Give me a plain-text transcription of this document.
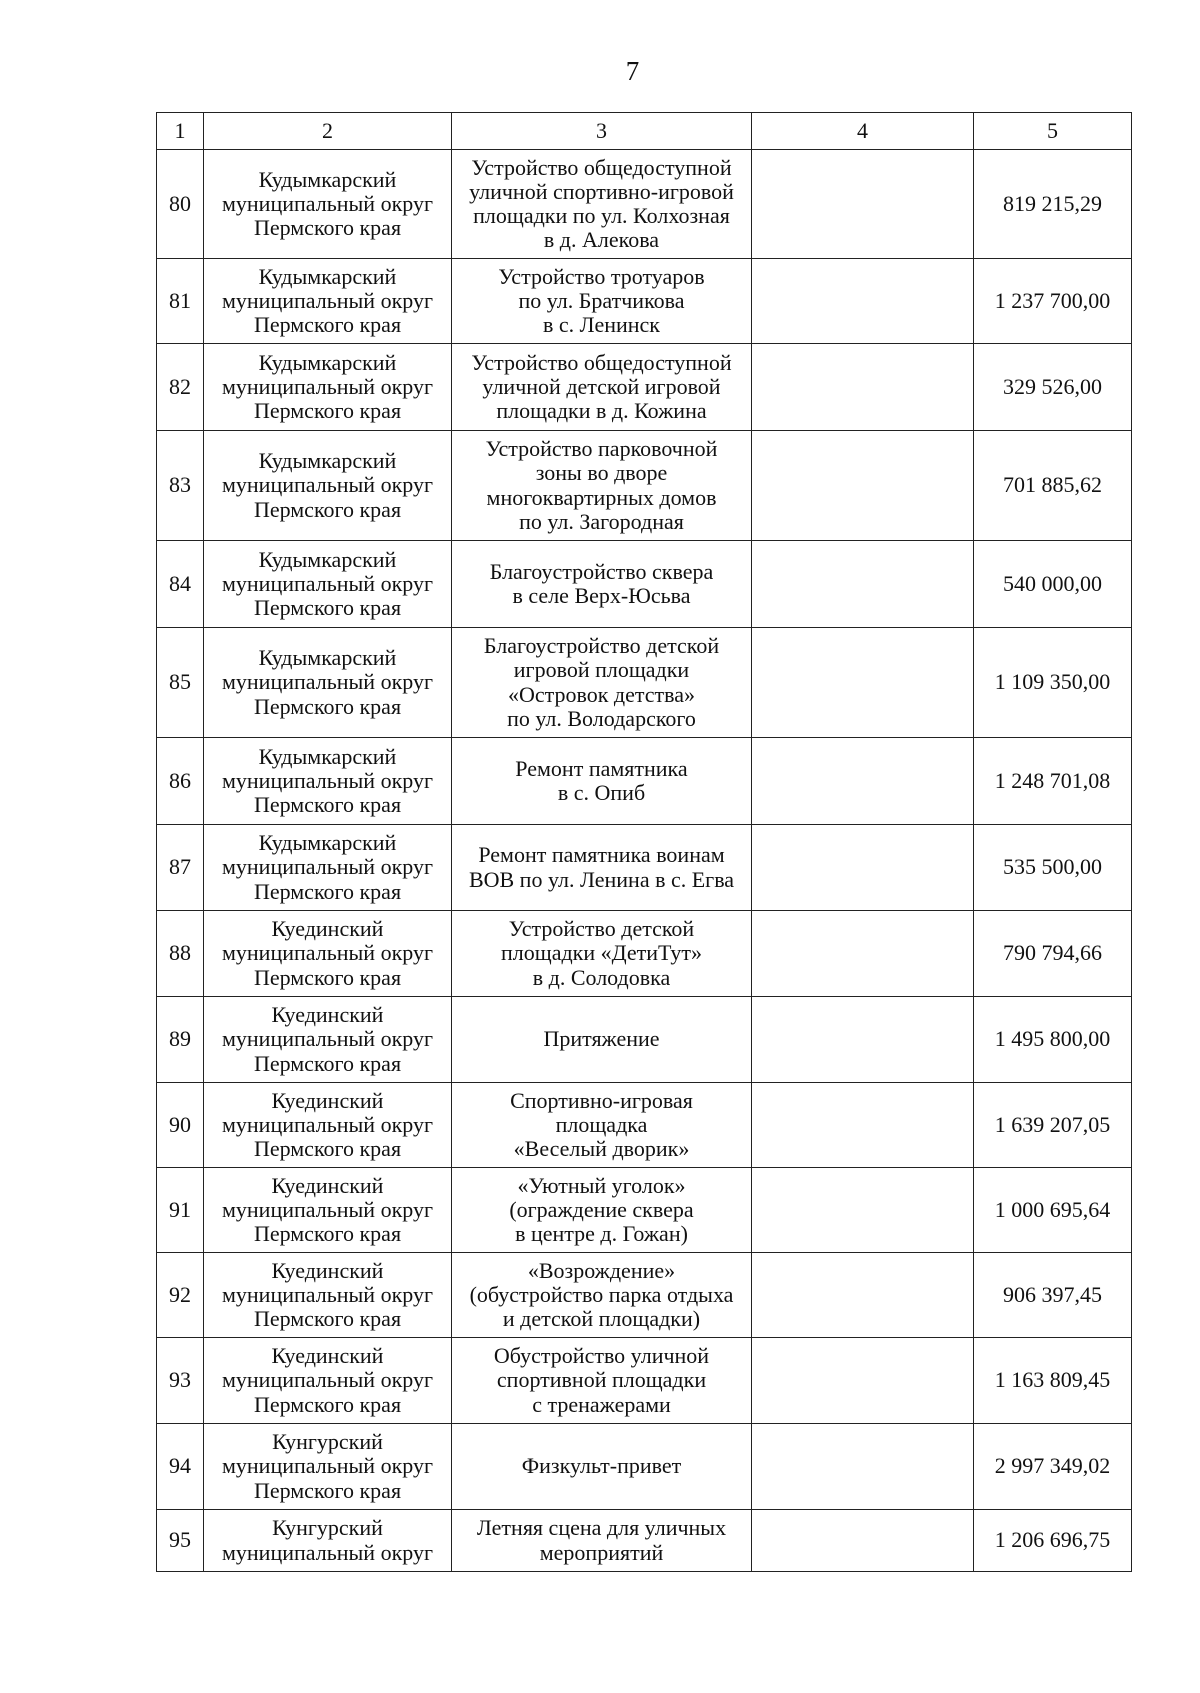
7
1	2	3	4	5
80	Кудымкарский
муниципальный округ
Пермского края	Устройство общедоступной
уличной спортивно-игровой
площадки по ул. Колхозная
в д. Алекова		819 215,29
81	Кудымкарский
муниципальный округ
Пермского края	Устройство тротуаров
по ул. Братчикова
в с. Ленинск		1 237 700,00
82	Кудымкарский
муниципальный округ
Пермского края	Устройство общедоступной
уличной детской игровой
площадки в д. Кожина		329 526,00
83	Кудымкарский
муниципальный округ
Пермского края	Устройство парковочной
зоны во дворе
многоквартирных домов
по ул. Загородная		701 885,62
84	Кудымкарский
муниципальный округ
Пермского края	Благоустройство сквера
в селе Верх-Юсьва		540 000,00
85	Кудымкарский
муниципальный округ
Пермского края	Благоустройство детской
игровой площадки
«Островок детства»
по ул. Володарского		1 109 350,00
86	Кудымкарский
муниципальный округ
Пермского края	Ремонт памятника
в с. Опиб		1 248 701,08
87	Кудымкарский
муниципальный округ
Пермского края	Ремонт памятника воинам
ВОВ по ул. Ленина в с. Егва		535 500,00
88	Куединский
муниципальный округ
Пермского края	Устройство детской
площадки «ДетиТут»
в д. Солодовка		790 794,66
89	Куединский
муниципальный округ
Пермского края	Притяжение		1 495 800,00
90	Куединский
муниципальный округ
Пермского края	Спортивно-игровая
площадка
«Веселый дворик»		1 639 207,05
91	Куединский
муниципальный округ
Пермского края	«Уютный уголок»
(ограждение сквера
в центре д. Гожан)		1 000 695,64
92	Куединский
муниципальный округ
Пермского края	«Возрождение»
(обустройство парка отдыха
и детской площадки)		906 397,45
93	Куединский
муниципальный округ
Пермского края	Обустройство уличной
спортивной площадки
с тренажерами		1 163 809,45
94	Кунгурский
муниципальный округ
Пермского края	Физкульт-привет		2 997 349,02
95	Кунгурский
муниципальный округ	Летняя сцена для уличных
мероприятий		1 206 696,75
